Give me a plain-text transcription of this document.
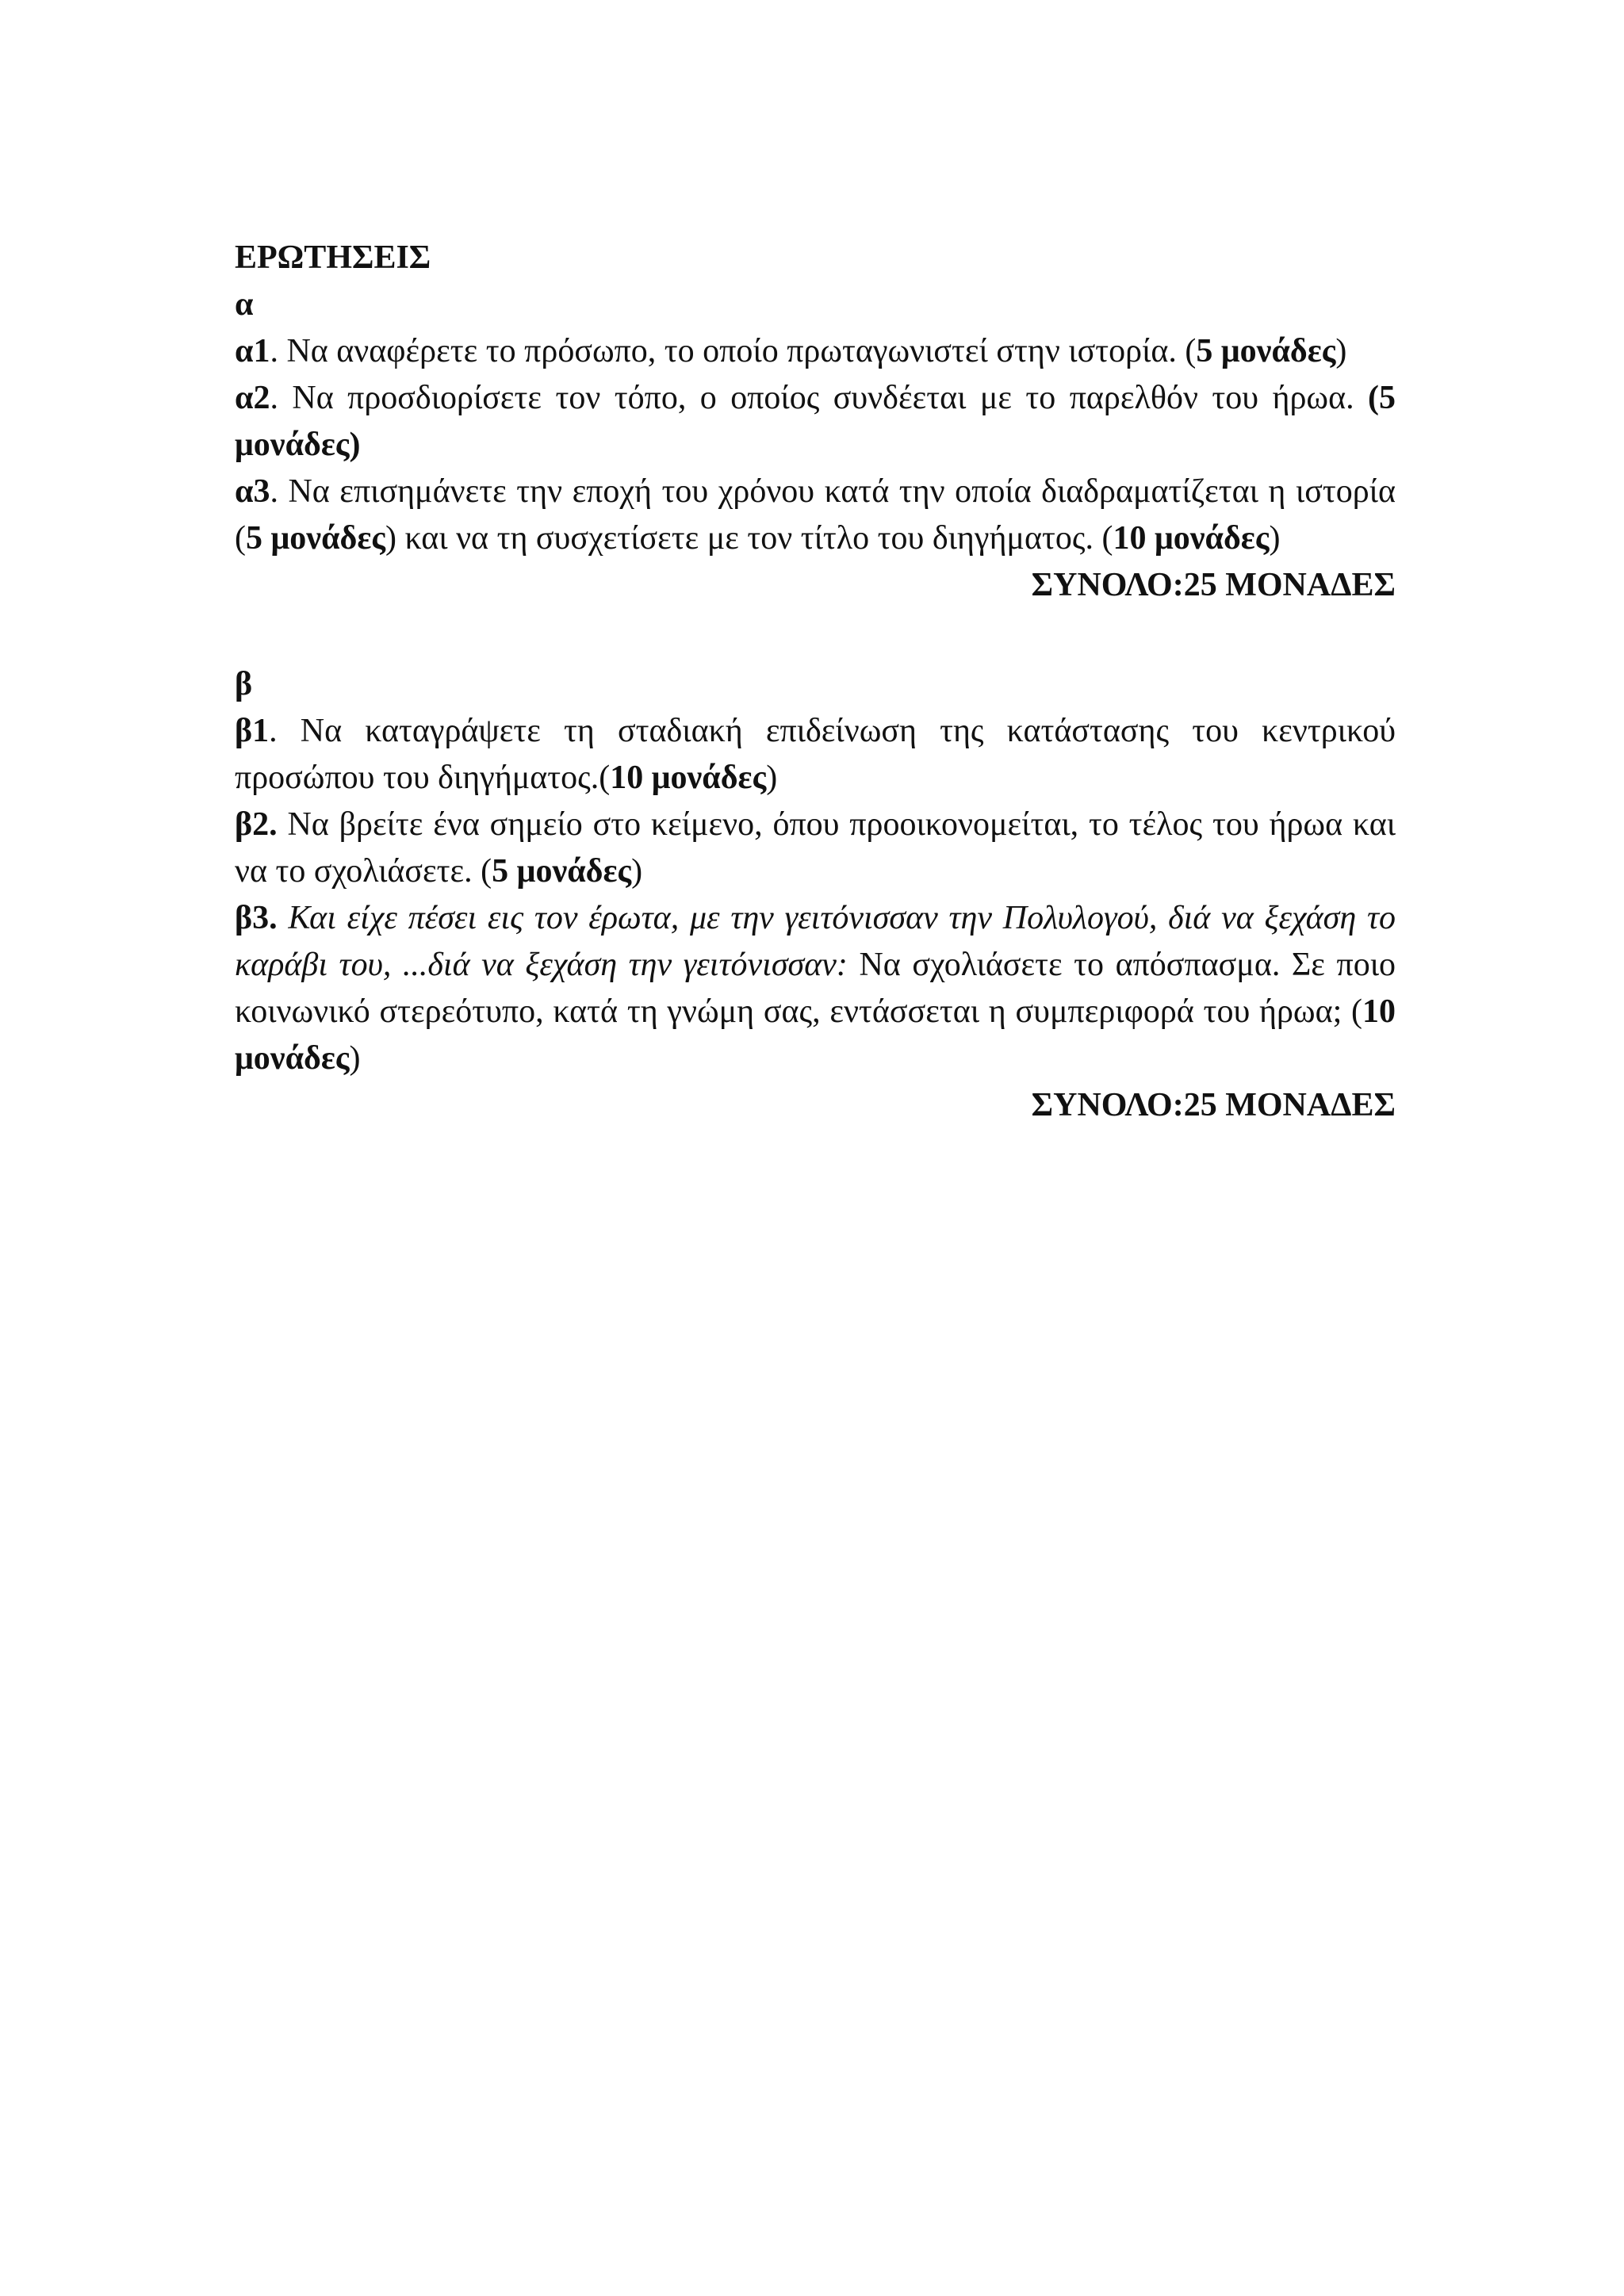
ΕΡΩΤΗΣΕΙΣ

α

α1. Να αναφέρετε το πρόσωπο, το οποίο πρωταγωνιστεί στην ιστορία. (5 μονάδες)

α2. Να προσδιορίσετε τον τόπο, ο οποίος συνδέεται με το παρελθόν του ήρωα. (5 μονάδες)

α3. Να επισημάνετε την εποχή του χρόνου κατά την οποία διαδραματίζεται η ιστορία (5 μονάδες) και να τη συσχετίσετε με τον τίτλο του διηγήματος. (10 μονάδες)

ΣΥΝΟΛΟ:25 ΜΟΝΑΔΕΣ

β

β1. Να καταγράψετε τη σταδιακή επιδείνωση της κατάστασης του κεντρικού προσώπου του διηγήματος.(10 μονάδες)

β2. Να βρείτε ένα σημείο στο κείμενο, όπου προοικονομείται, το τέλος του ήρωα και να το σχολιάσετε. (5 μονάδες)

β3. Και είχε πέσει εις τον έρωτα, με την γειτόνισσαν την Πολυλογού, διά να ξεχάση το καράβι του, ...διά να ξεχάση την γειτόνισσαν: Να σχολιάσετε το απόσπασμα. Σε ποιο κοινωνικό στερεότυπο, κατά τη γνώμη σας, εντάσσεται η συμπεριφορά του ήρωα; (10 μονάδες)

ΣΥΝΟΛΟ:25 ΜΟΝΑΔΕΣ
